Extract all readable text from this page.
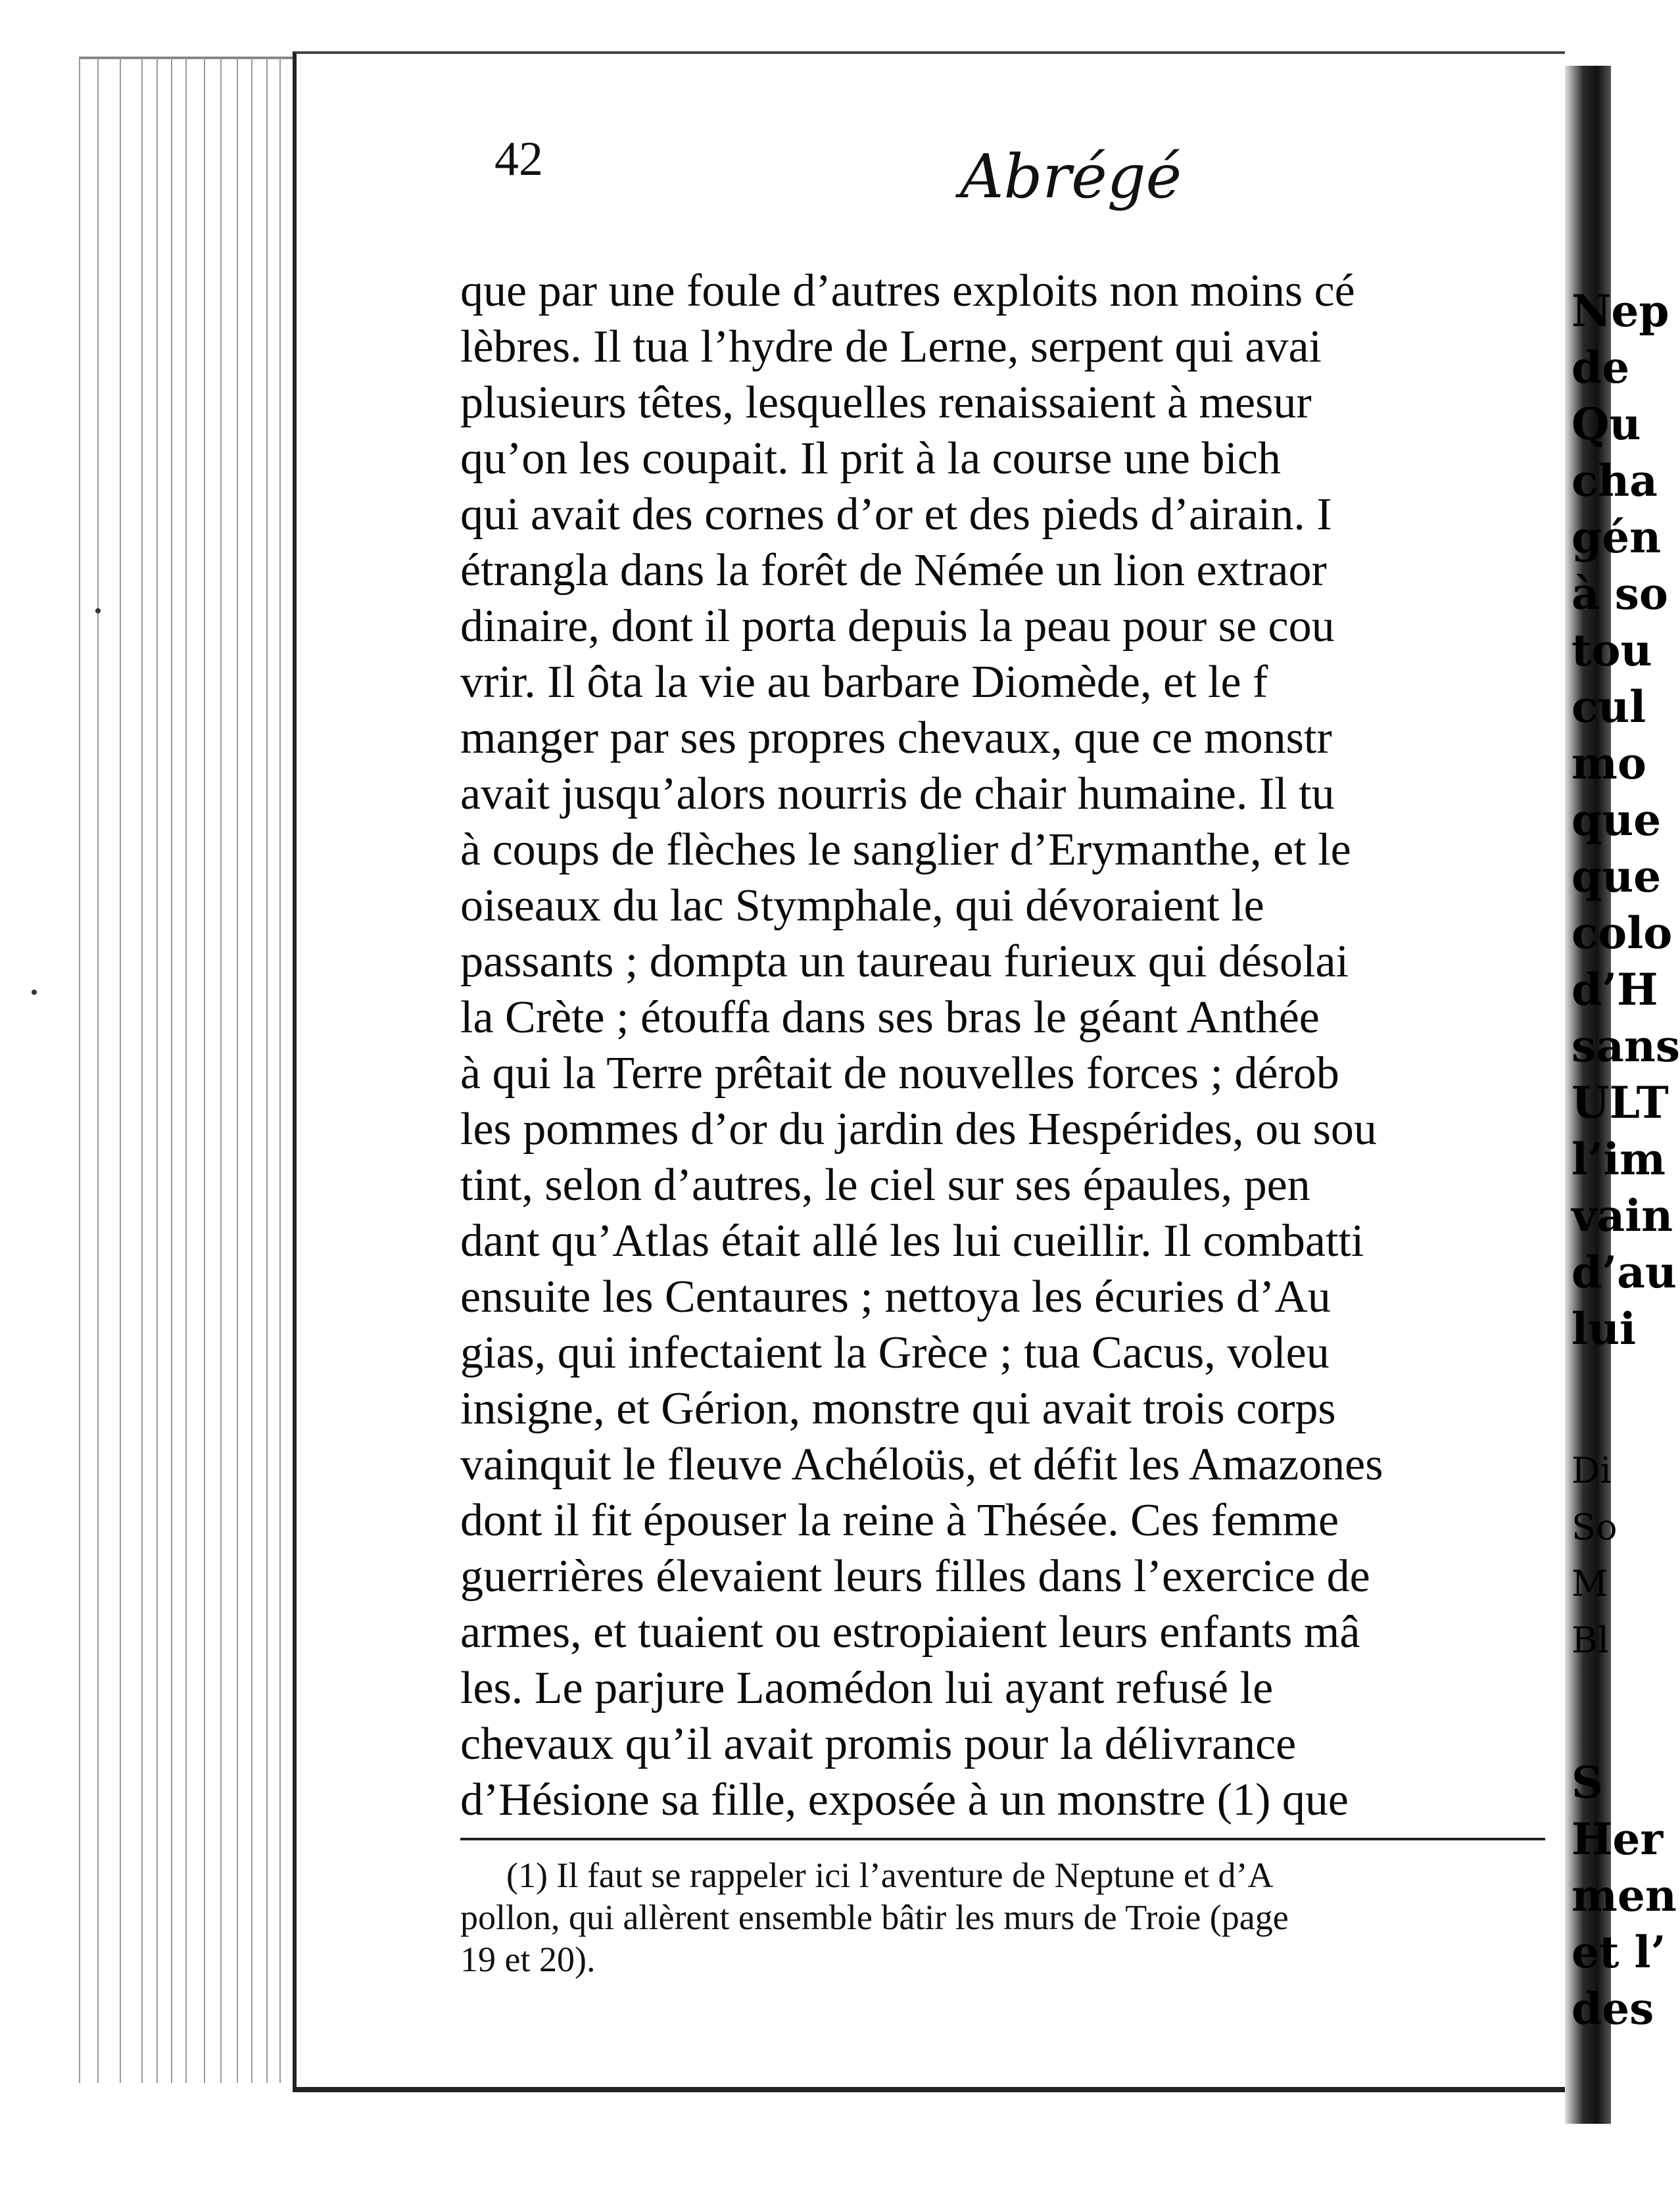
42	Abrégé
que par une foule d’autres exploits non moins cé
lèbres. Il tua l’hydre de Lerne, serpent qui avai
plusieurs têtes, lesquelles renaissaient à mesur
qu’on les coupait. Il prit à la course une bich
qui avait des cornes d’or et des pieds d’airain. I
étrangla dans la forêt de Némée un lion extraor
dinaire, dont il porta depuis la peau pour se cou
vrir. Il ôta la vie au barbare Diomède, et le f
manger par ses propres chevaux, que ce monstr
avait jusqu’alors nourris de chair humaine. Il tu
à coups de flèches le sanglier d’Erymanthe, et le
oiseaux du lac Stymphale, qui dévoraient le
passants ; dompta un taureau furieux qui désolai
la Crète ; étouffa dans ses bras le géant Anthée
à qui la Terre prêtait de nouvelles forces ; dérob
les pommes d’or du jardin des Hespérides, ou sou
tint, selon d’autres, le ciel sur ses épaules, pen
dant qu’Atlas était allé les lui cueillir. Il combatti
ensuite les Centaures ; nettoya les écuries d’Au
gias, qui infectaient la Grèce ; tua Cacus, voleu
insigne, et Gérion, monstre qui avait trois corps
vainquit le fleuve Achéloüs, et défit les Amazones
dont il fit épouser la reine à Thésée. Ces femme
guerrières élevaient leurs filles dans l’exercice de
armes, et tuaient ou estropiaient leurs enfants mâ
les. Le parjure Laomédon lui ayant refusé le
chevaux qu’il avait promis pour la délivrance
d’Hésione sa fille, exposée à un monstre (1) que
(1) Il faut se rappeler ici l’aventure de Neptune et d’A
pollon, qui allèrent ensemble bâtir les murs de Troie (page
19 et 20).
Nep
de
Qu
cha
gén
à so
tou
cul
mo
que
que
colo
d’H
sans
ULT
l’im
vain
d’au
lui
Di
So
M
Bl
S
Her
men
et l’
des
